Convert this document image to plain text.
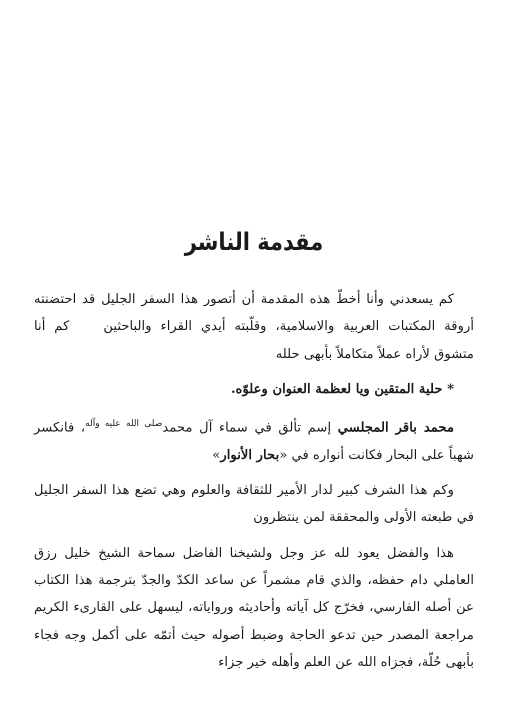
مقدمة الناشر

كم يسعدني وأنا أخطّ هذه المقدمة أن أتصور هذا السفر الجليل قد احتضنته أروقة المكتبات العربية والاسلامية، وقلّبته أيدي القراء والباحثينكم أنا متشوق لأراه عملاً متكاملاً بأبهى حلله

* حلية المتقين ويا لعظمة العنوان وعلوّه.

محمد باقر المجلسي إسم تألق في سماء آل محمد$^{صلى الله عليه وآله}$، فانكسر شهباً على البحار فكانت أنواره في «بحار الأنوار»

وكم هذا الشرف كبير لدار الأمير للثقافة والعلوم وهي تضع هذا السفر الجليل في طبعته الأولى والمحققة لمن ينتظرون

هذا والفضل يعود لله عز وجل ولشيخنا الفاضل سماحة الشيخ خليل رزق العاملي دام حفظه، والذي قام مشمراً عن ساعد الكدّ والجدّ بترجمة هذا الكتاب عن أصله الفارسي، فخرّج كل آياته وأحاديثه ورواياته، ليسهل على القارىء الكريم مراجعة المصدر حين تدعو الحاجة وضبط أصوله حيث أتمّه على أكمل وجه فجاء بأبهى حُلّة، فجزاه الله عن العلم وأهله خير جزاء
